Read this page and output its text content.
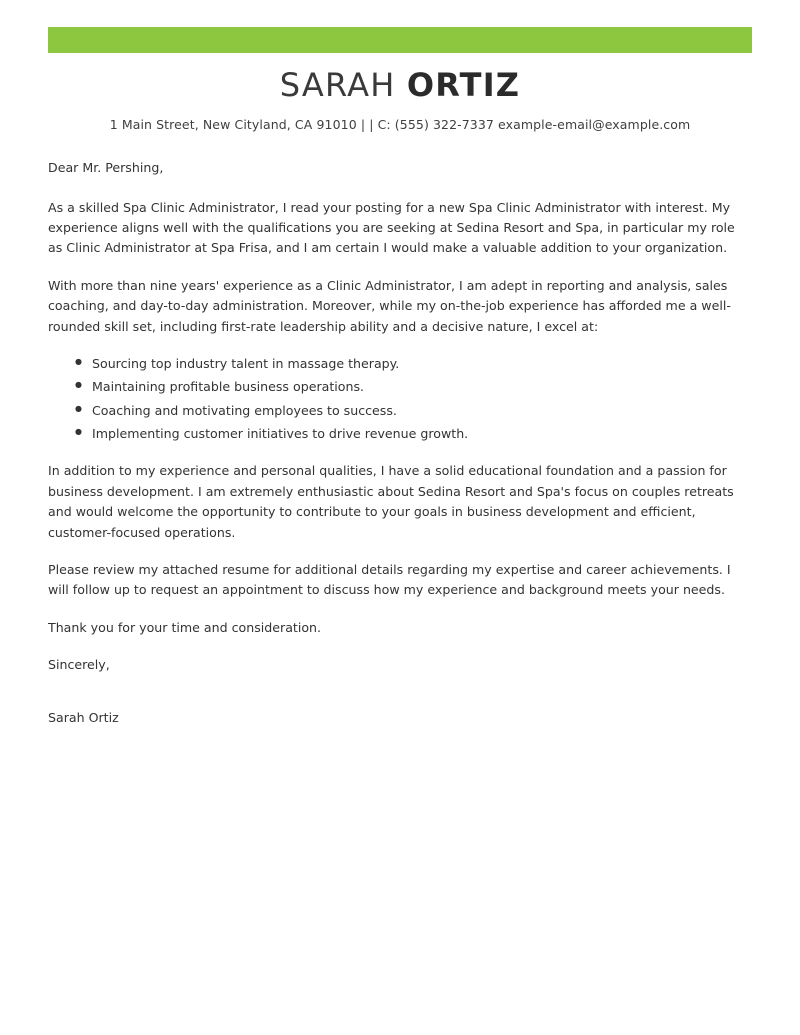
SARAH ORTIZ
1 Main Street, New Cityland, CA 91010 | | C: (555) 322-7337 example-email@example.com

Dear Mr. Pershing,

As a skilled Spa Clinic Administrator, I read your posting for a new Spa Clinic Administrator with interest. My experience aligns well with the qualifications you are seeking at Sedina Resort and Spa, in particular my role as Clinic Administrator at Spa Frisa, and I am certain I would make a valuable addition to your organization.

With more than nine years' experience as a Clinic Administrator, I am adept in reporting and analysis, sales coaching, and day-to-day administration. Moreover, while my on-the-job experience has afforded me a well-rounded skill set, including first-rate leadership ability and a decisive nature, I excel at:

● Sourcing top industry talent in massage therapy.
● Maintaining profitable business operations.
● Coaching and motivating employees to success.
● Implementing customer initiatives to drive revenue growth.

In addition to my experience and personal qualities, I have a solid educational foundation and a passion for business development. I am extremely enthusiastic about Sedina Resort and Spa's focus on couples retreats and would welcome the opportunity to contribute to your goals in business development and efficient, customer-focused operations.

Please review my attached resume for additional details regarding my expertise and career achievements. I will follow up to request an appointment to discuss how my experience and background meets your needs.

Thank you for your time and consideration.

Sincerely,

Sarah Ortiz
